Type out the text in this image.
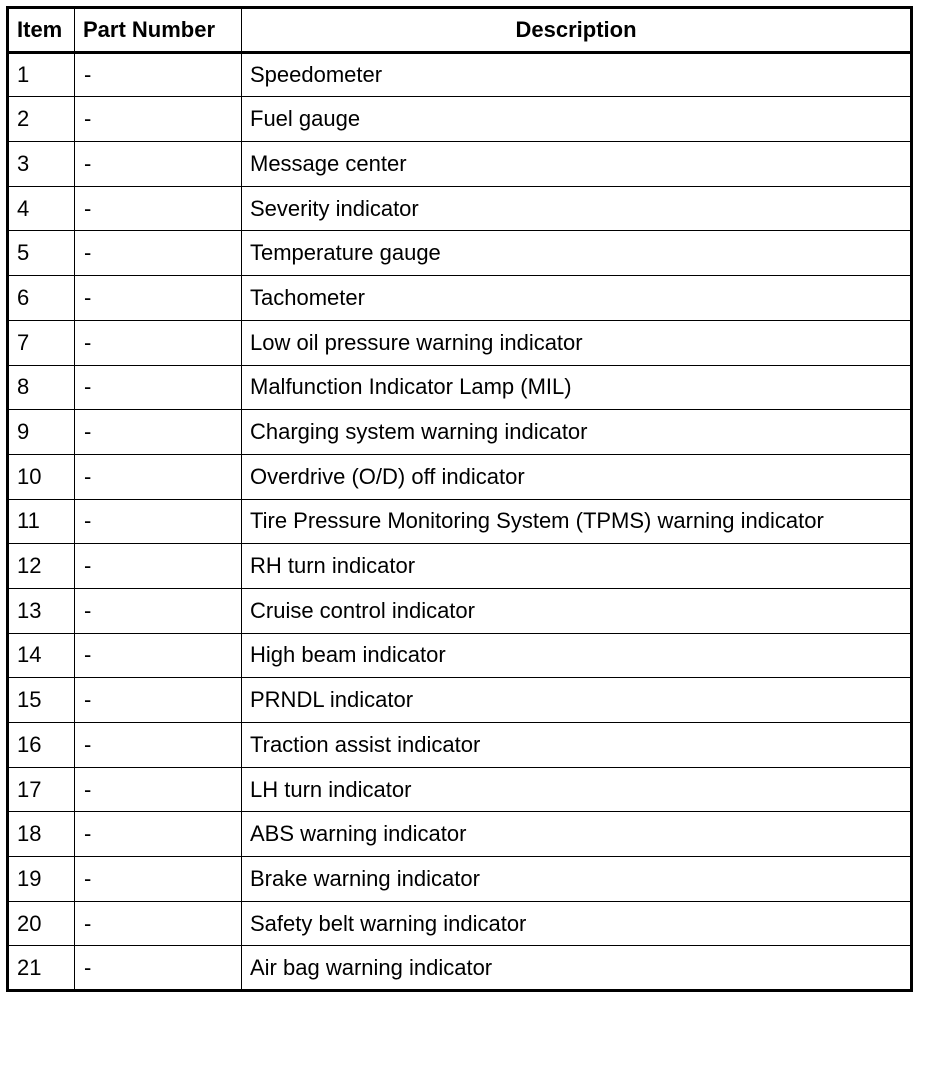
Item	Part Number	Description
1	-	Speedometer
2	-	Fuel gauge
3	-	Message center
4	-	Severity indicator
5	-	Temperature gauge
6	-	Tachometer
7	-	Low oil pressure warning indicator
8	-	Malfunction Indicator Lamp (MIL)
9	-	Charging system warning indicator
10	-	Overdrive (O/D) off indicator
11	-	Tire Pressure Monitoring System (TPMS) warning indicator
12	-	RH turn indicator
13	-	Cruise control indicator
14	-	High beam indicator
15	-	PRNDL indicator
16	-	Traction assist indicator
17	-	LH turn indicator
18	-	ABS warning indicator
19	-	Brake warning indicator
20	-	Safety belt warning indicator
21	-	Air bag warning indicator
